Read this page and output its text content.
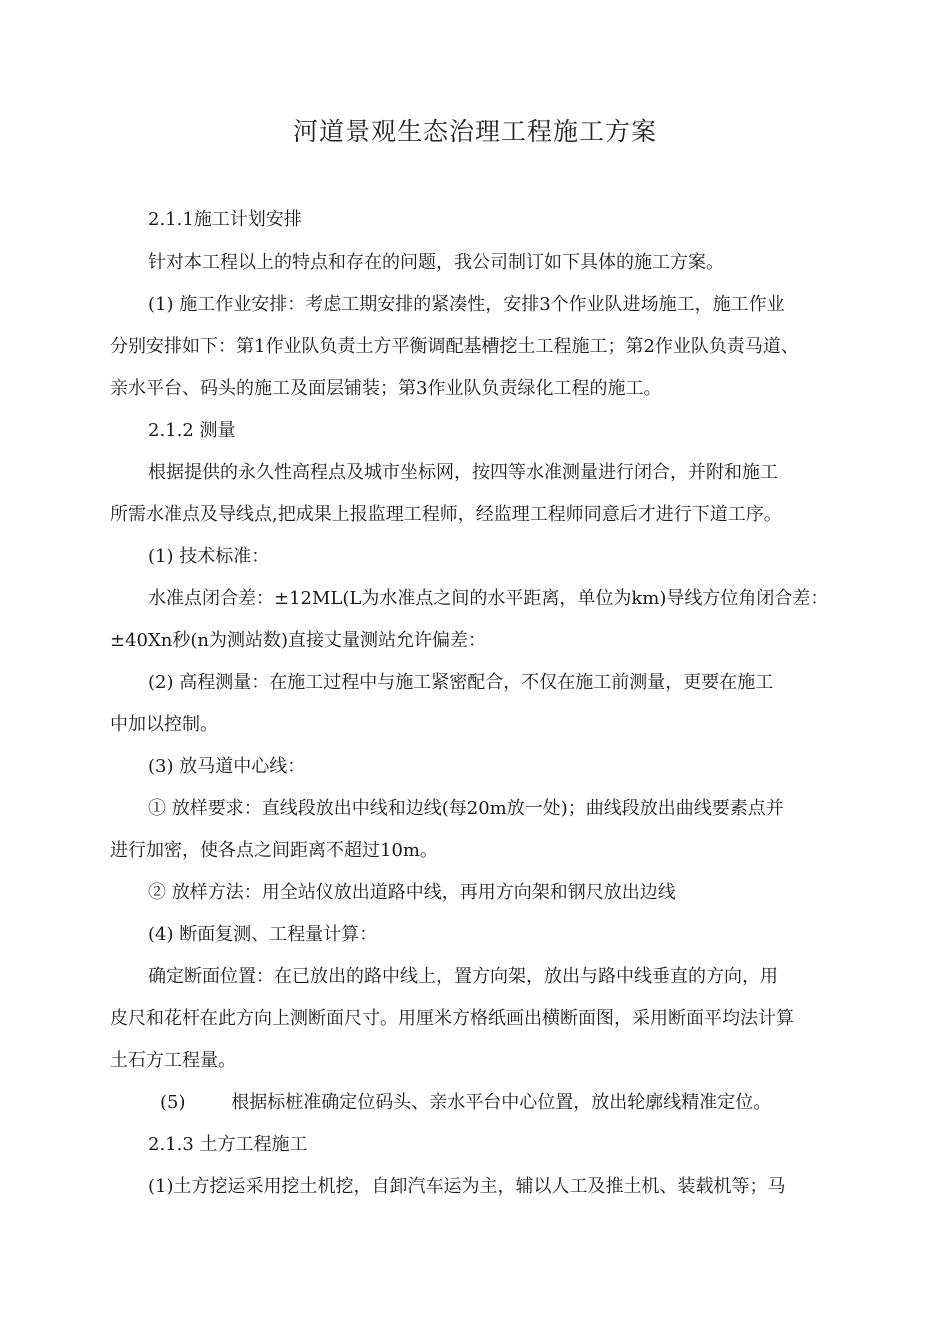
河道景观生态治理工程施工方案
2.1.1施工计划安排
针对本工程以上的特点和存在的问题，我公司制订如下具体的施工方案。
(1) 施工作业安排：考虑工期安排的紧凑性，安排3个作业队进场施工，施工作业
分别安排如下：第1作业队负责土方平衡调配基槽挖土工程施工；第2作业队负责马道、
亲水平台、码头的施工及面层铺装；第3作业队负责绿化工程的施工。
2.1.2 测量
根据提供的永久性高程点及城市坐标网，按四等水准测量进行闭合，并附和施工
所需水准点及导线点,把成果上报监理工程师，经监理工程师同意后才进行下道工序。
(1) 技术标准：
水准点闭合差：±12ML(L为水准点之间的水平距离，单位为km)导线方位角闭合差：
±40Xn秒(n为测站数)直接丈量测站允许偏差：
(2) 高程测量：在施工过程中与施工紧密配合，不仅在施工前测量，更要在施工
中加以控制。
(3) 放马道中心线：
① 放样要求：直线段放出中线和边线(每20m放一处)；曲线段放出曲线要素点并
进行加密，使各点之间距离不超过10m。
② 放样方法：用全站仪放出道路中线，再用方向架和钢尺放出边线
(4) 断面复测、工程量计算：
确定断面位置：在已放出的路中线上，置方向架，放出与路中线垂直的方向，用
皮尺和花杆在此方向上测断面尺寸。用厘米方格纸画出横断面图，采用断面平均法计算
土石方工程量。
(5)        根据标桩准确定位码头、亲水平台中心位置，放出轮廓线精准定位。
2.1.3 土方工程施工
(1)土方挖运采用挖土机挖，自卸汽车运为主，辅以人工及推土机、装载机等；马
